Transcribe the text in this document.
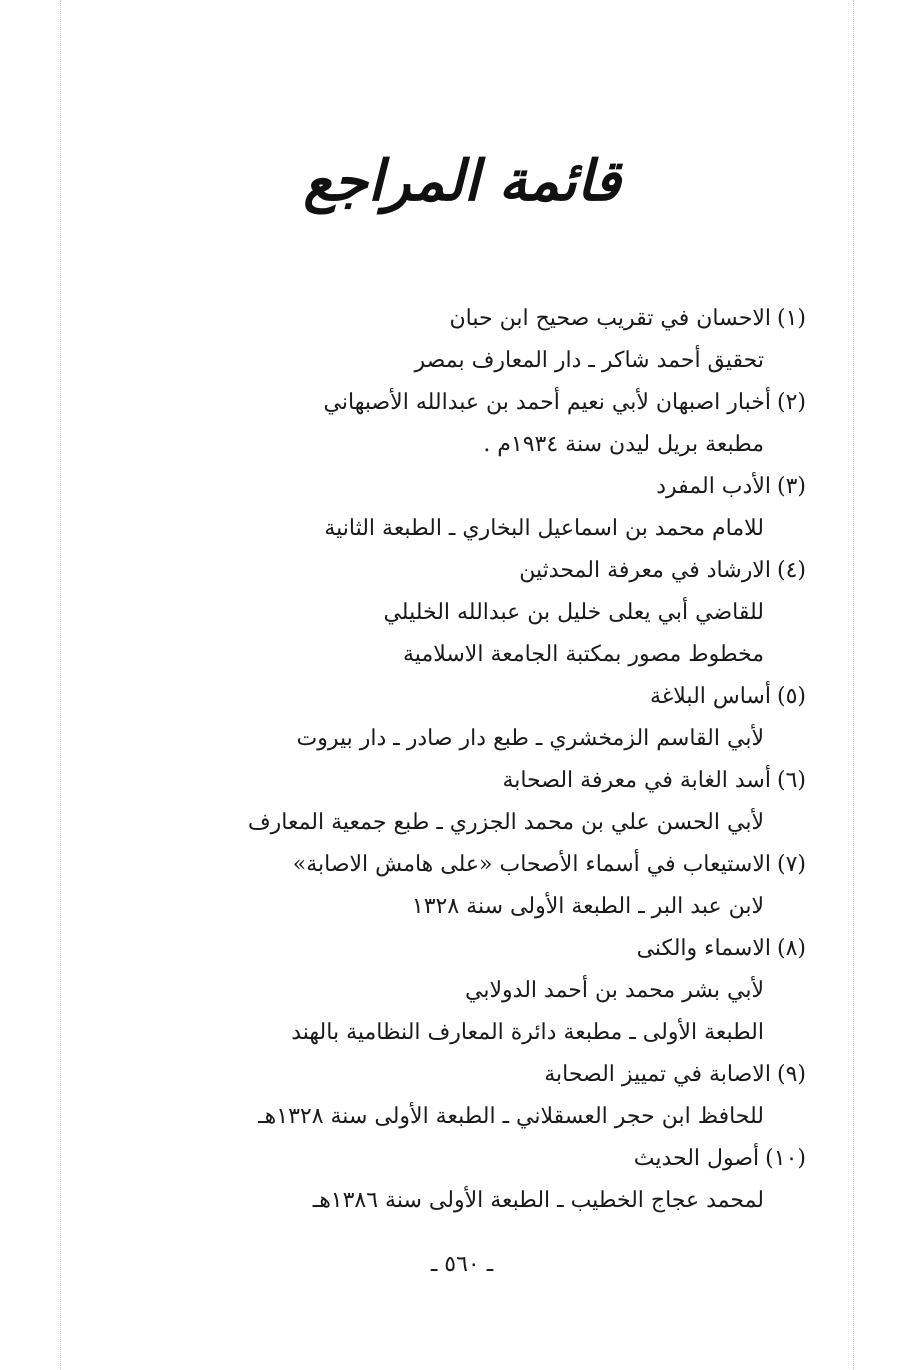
قائمة المراجع
(١)الاحسان في تقريب صحيح ابن حبان
تحقيق أحمد شاكر ـ دار المعارف بمصر
(٢)أخبار اصبهان لأبي نعيم أحمد بن عبدالله الأصبهاني
مطبعة بريل ليدن سنة ١٩٣٤م .
(٣)الأدب المفرد
للامام محمد بن اسماعيل البخاري ـ الطبعة الثانية
(٤)الارشاد في معرفة المحدثين
للقاضي أبي يعلى خليل بن عبدالله الخليلي
مخطوط مصور بمكتبة الجامعة الاسلامية
(٥)أساس البلاغة
لأبي القاسم الزمخشري ـ طبع دار صادر ـ دار بيروت
(٦)أسد الغابة في معرفة الصحابة
لأبي الحسن علي بن محمد الجزري ـ طبع جمعية المعارف
(٧)الاستيعاب في أسماء الأصحاب «على هامش الاصابة»
لابن عبد البر ـ الطبعة الأولى سنة ١٣٢٨
(٨)الاسماء والكنى
لأبي بشر محمد بن أحمد الدولابي
الطبعة الأولى ـ مطبعة دائرة المعارف النظامية بالهند
(٩)الاصابة في تمييز الصحابة
للحافظ ابن حجر العسقلاني ـ الطبعة الأولى سنة ١٣٢٨هـ
(١٠)أصول الحديث
لمحمد عجاج الخطيب ـ الطبعة الأولى سنة ١٣٨٦هـ
ـ ٥٦٠ ـ
